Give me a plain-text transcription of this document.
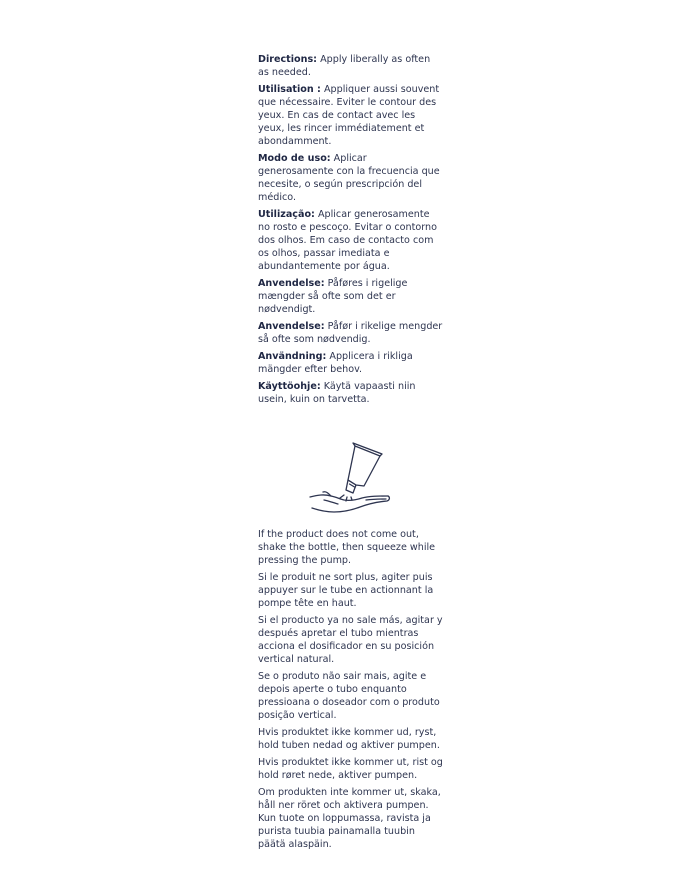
Directions: Apply liberally as often as needed.

Utilisation : Appliquer aussi souvent que nécessaire. Eviter le contour des yeux. En cas de contact avec les yeux, les rincer immédiatement et abondamment.

Modo de uso: Aplicar generosamente con la frecuencia que necesite, o según prescripción del médico.

Utilização: Aplicar generosamente no rosto e pescoço. Evitar o contorno dos olhos. Em caso de contacto com os olhos, passar imediata e abundantemente por água.

Anvendelse: Påføres i rigelige mængder så ofte som det er nødvendigt.

Anvendelse: Påfør i rikelige mengder så ofte som nødvendig.

Användning: Applicera i rikliga mängder efter behov.

Käyttöohje: Käytä vapaasti niin usein, kuin on tarvetta.

If the product does not come out, shake the bottle, then squeeze while pressing the pump.

Si le produit ne sort plus, agiter puis appuyer sur le tube en actionnant la pompe tête en haut.

Si el producto ya no sale más, agitar y después apretar el tubo mientras acciona el dosificador en su posición vertical natural.

Se o produto não sair mais, agite e depois aperte o tubo enquanto pressioana o doseador com o produto posição vertical.

Hvis produktet ikke kommer ud, ryst, hold tuben nedad og aktiver pumpen.

Hvis produktet ikke kommer ut, rist og hold røret nede, aktiver pumpen.

Om produkten inte kommer ut, skaka, håll ner röret och aktivera pumpen. Kun tuote on loppumassa, ravista ja purista tuubia painamalla tuubin päätä alaspäin.
